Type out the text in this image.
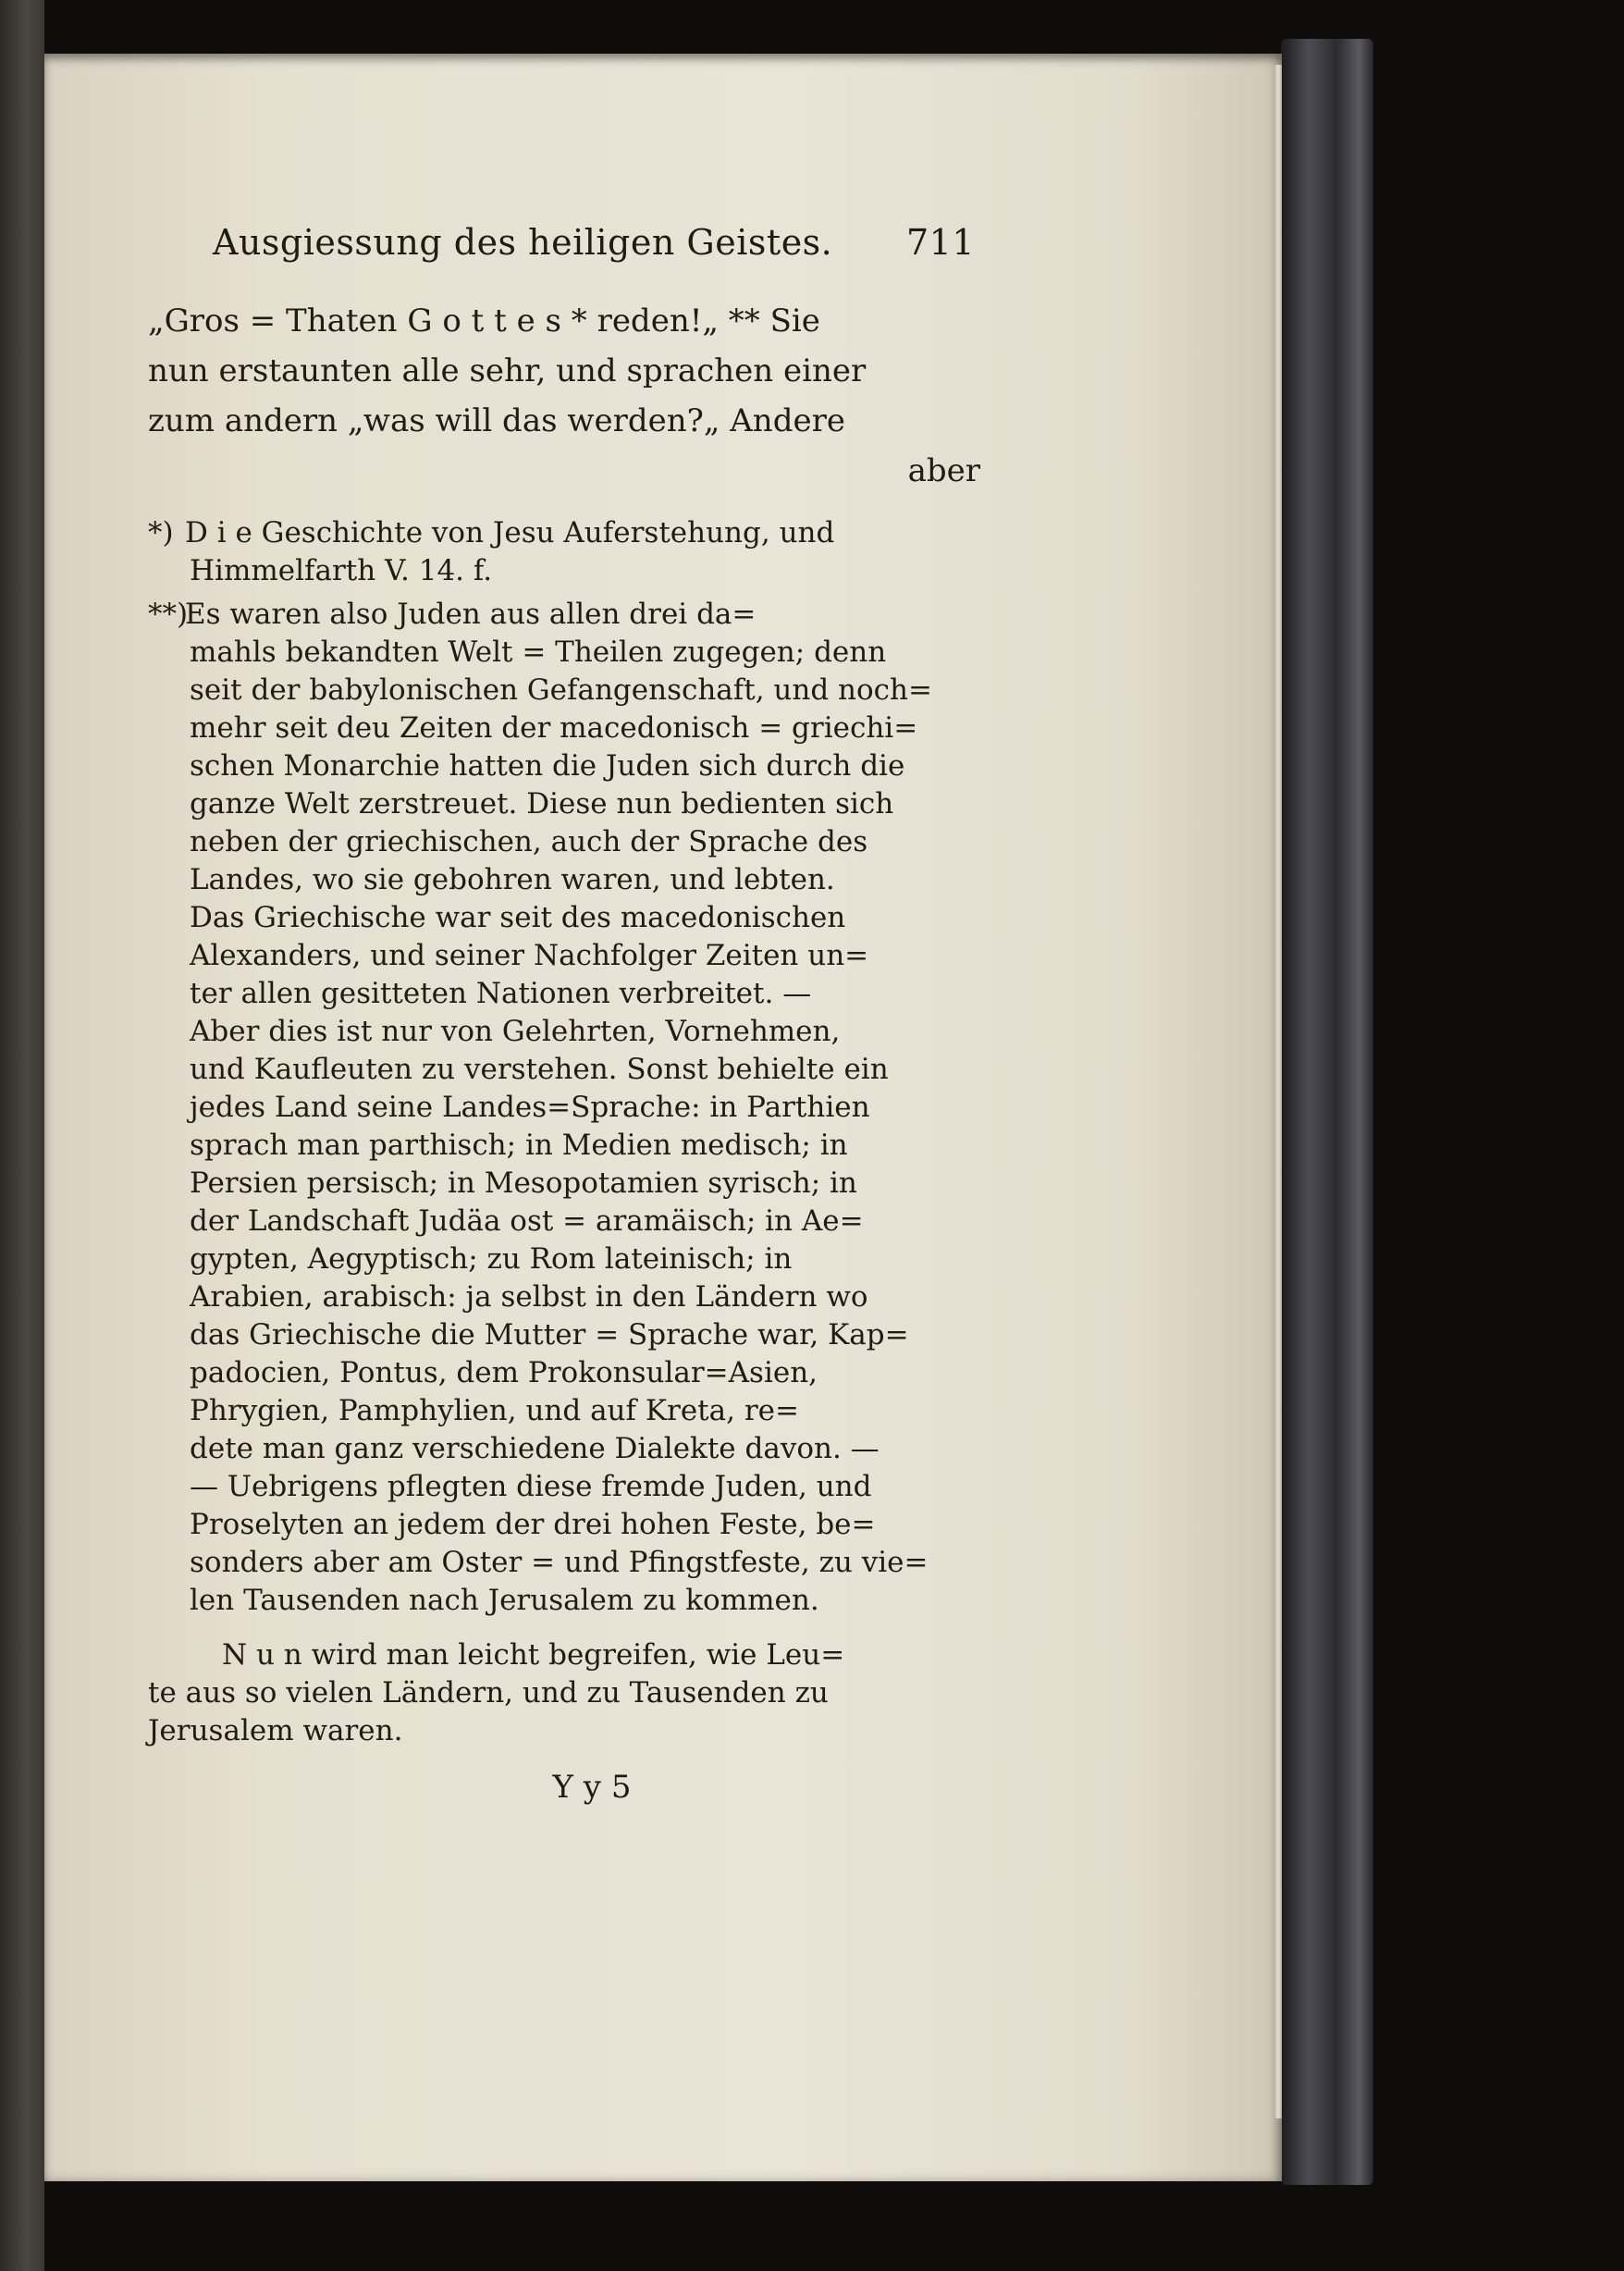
Ausgiessung des heiligen Geistes. 711

„Gros = Thaten G o t t e s * reden!„ ** Sie

nun erstaunten alle sehr, und sprachen einer

zum andern „was will das werden?„ Andere

aber

*) D i e Geschichte von Jesu Auferstehung, und

Himmelfarth V. 14. f.

**)Es waren also Juden aus allen drei da=

mahls bekandten Welt = Theilen zugegen; denn

seit der babylonischen Gefangenschaft, und noch=

mehr seit deu Zeiten der macedonisch = griechi=

schen Monarchie hatten die Juden sich durch die

ganze Welt zerstreuet. Diese nun bedienten sich

neben der griechischen, auch der Sprache des

Landes, wo sie gebohren waren, und lebten.

Das Griechische war seit des macedonischen

Alexanders, und seiner Nachfolger Zeiten un=

ter allen gesitteten Nationen verbreitet. —

Aber dies ist nur von Gelehrten, Vornehmen,

und Kaufleuten zu verstehen. Sonst behielte ein

jedes Land seine Landes=Sprache: in Parthien

sprach man parthisch; in Medien medisch; in

Persien persisch; in Mesopotamien syrisch; in

der Landschaft Judäa ost = aramäisch; in Ae=

gypten, Aegyptisch; zu Rom lateinisch; in

Arabien, arabisch: ja selbst in den Ländern wo

das Griechische die Mutter = Sprache war, Kap=

padocien, Pontus, dem Prokonsular=Asien,

Phrygien, Pamphylien, und auf Kreta, re=

dete man ganz verschiedene Dialekte davon. —

— Uebrigens pflegten diese fremde Juden, und

Proselyten an jedem der drei hohen Feste, be=

sonders aber am Oster = und Pfingstfeste, zu vie=

len Tausenden nach Jerusalem zu kommen.

N u n wird man leicht begreifen, wie Leu=

te aus so vielen Ländern, und zu Tausenden zu

Jerusalem waren.

Y y 5
